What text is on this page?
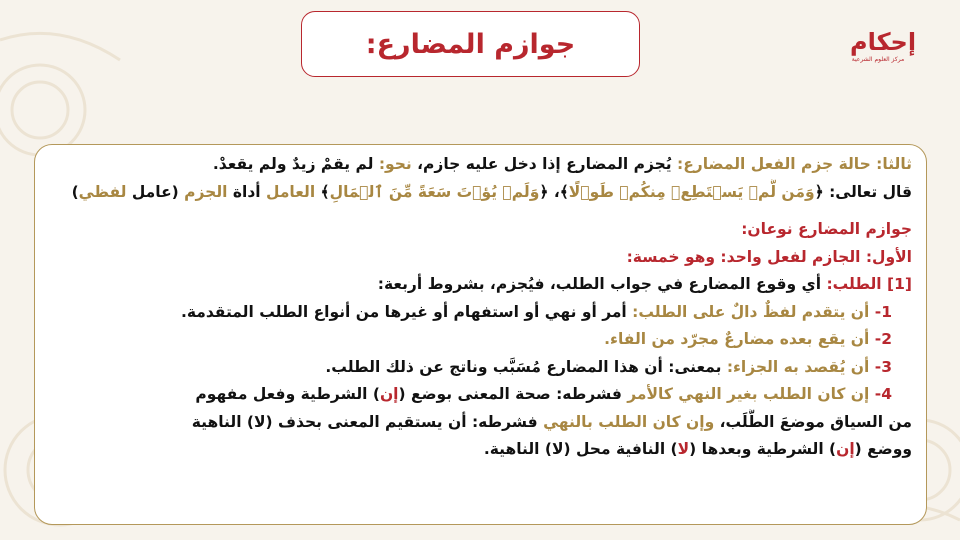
جوازم المضارع:	إحكام
مركز العلوم الشرعية
ثالثا: حالة جزم الفعل المضارع: يُجزم المضارع إذا دخل عليه جازم، نحو: لم يقمْ زيدٌ ولم يقعدْ.
قال تعالى: ﴿وَمَن لَّمۡ يَسۡتَطِعۡ مِنكُمۡ طَوۡلًا﴾، ﴿وَلَمۡ يُؤۡتَ سَعَةً مِّنَ ٱلۡمَالِ﴾ العامل أداة الجزم (عامل لفظي)
جوازم المضارع نوعان:
الأول: الجازم لفعل واحد: وهو خمسة:
[1] الطلب: أي وقوع المضارع في جواب الطلب، فيُجزم، بشروط أربعة:
1- أن يتقدم لفظٌ دالٌ على الطلب: أمر أو نهي أو استفهام أو غيرها من أنواع الطلب المتقدمة.
2- أن يقع بعده مضارعٌ مجرّد من الفاء.
3- أن يُقصد به الجزاء: بمعنى: أن هذا المضارع مُسَبَّب وناتج عن ذلك الطلب.
4- إن كان الطلب بغير النهي كالأمر فشرطه: صحة المعنى بوضع (إن) الشرطية وفعل مفهوم
من السياق موضعَ الطَّلَب، وإن كان الطلب بالنهي فشرطه: أن يستقيم المعنى بحذف (لا) الناهية
ووضع (إن) الشرطية وبعدها (لا) النافية محل (لا) الناهية.
